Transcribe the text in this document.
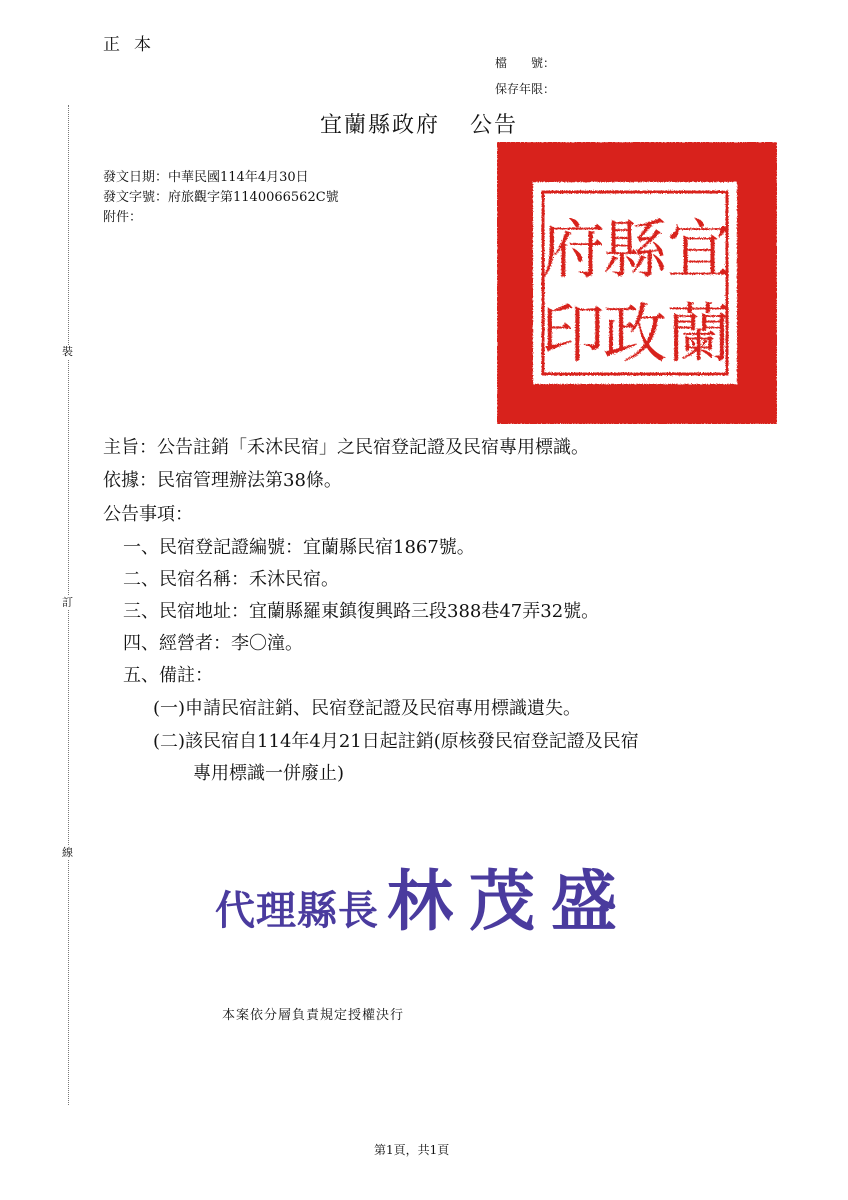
正本
檔　　號：
保存年限：
裝
訂
線
宜蘭縣政府 公告
發文日期：中華民國114年4月30日
發文字號：府旅觀字第1140066562C號
附件：	宜
蘭
縣
政
府
印
主旨：公告註銷「禾沐民宿」之民宿登記證及民宿專用標識。
依據：民宿管理辦法第38條。
公告事項：
一、民宿登記證編號：宜蘭縣民宿1867號。
二、民宿名稱：禾沐民宿。
三、民宿地址：宜蘭縣羅東鎮復興路三段388巷47弄32號。
四、經營者：李〇潼。
五、備註：
(一)申請民宿註銷、民宿登記證及民宿專用標識遺失。
(二)該民宿自114年4月21日起註銷(原核發民宿登記證及民宿
專用標識一併廢止)
代理縣長 林茂盛
本案依分層負責規定授權決行
第1頁，共1頁
